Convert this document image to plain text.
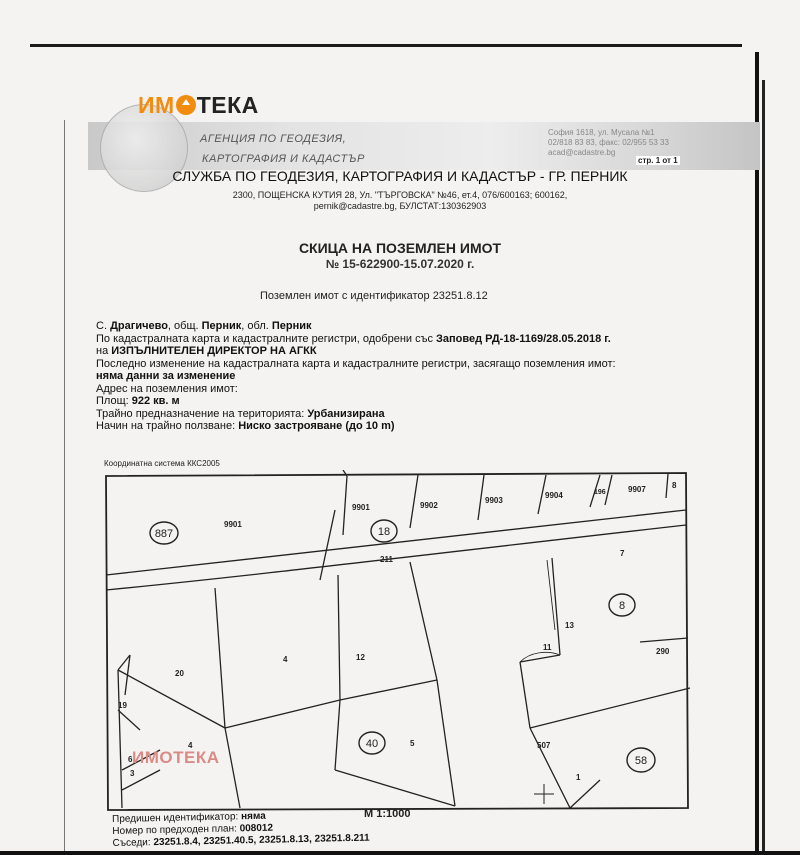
ИМ ТЕКА
АГЕНЦИЯ ПО ГЕОДЕЗИЯ,
КАРТОГРАФИЯ И КАДАСТЪР
София 1618, ул. Мусала №1
02/818 83 83, факс: 02/955 53 33
acad@cadastre.bg
стр. 1 от 1
СЛУЖБА ПО ГЕОДЕЗИЯ, КАРТОГРАФИЯ И КАДАСТЪР - ГР. ПЕРНИК
2300, ПОЩЕНСКА КУТИЯ 28, Ул. "ТЪРГОВСКА" №46, ет.4, 076/600163; 600162,
pernik@cadastre.bg, БУЛСТАТ:130362903
СКИЦА НА ПОЗЕМЛЕН ИМОТ
№ 15-622900-15.07.2020 г.
Поземлен имот с идентификатор 23251.8.12
С. Драгичево, общ. Перник, обл. Перник
По кадастралната карта и кадастралните регистри, одобрени със Заповед РД-18-1169/28.05.2018 г.
на ИЗПЪЛНИТЕЛЕН ДИРЕКТОР НА АГКК
Последно изменение на кадастралната карта и кадастралните регистри, засягащо поземления имот:
няма данни за изменение
Адрес на поземления имот:
Площ: 922 кв. м
Трайно предназначение на територията: Урбанизирана
Начин на трайно ползване: Ниско застрояване (до 10 m)
Координатна система ККС2005
9901	9902
9903
9904	196	9907	8
9901
211
7
13
11	290
20
4	12
19
5	507
1
4
6
3
887	18
8
40
58
ИМОТЕКА
М 1:1000
Предишен идентификатор: няма
Номер по предходен план: 008012
Съседи: 23251.8.4, 23251.40.5, 23251.8.13, 23251.8.211
